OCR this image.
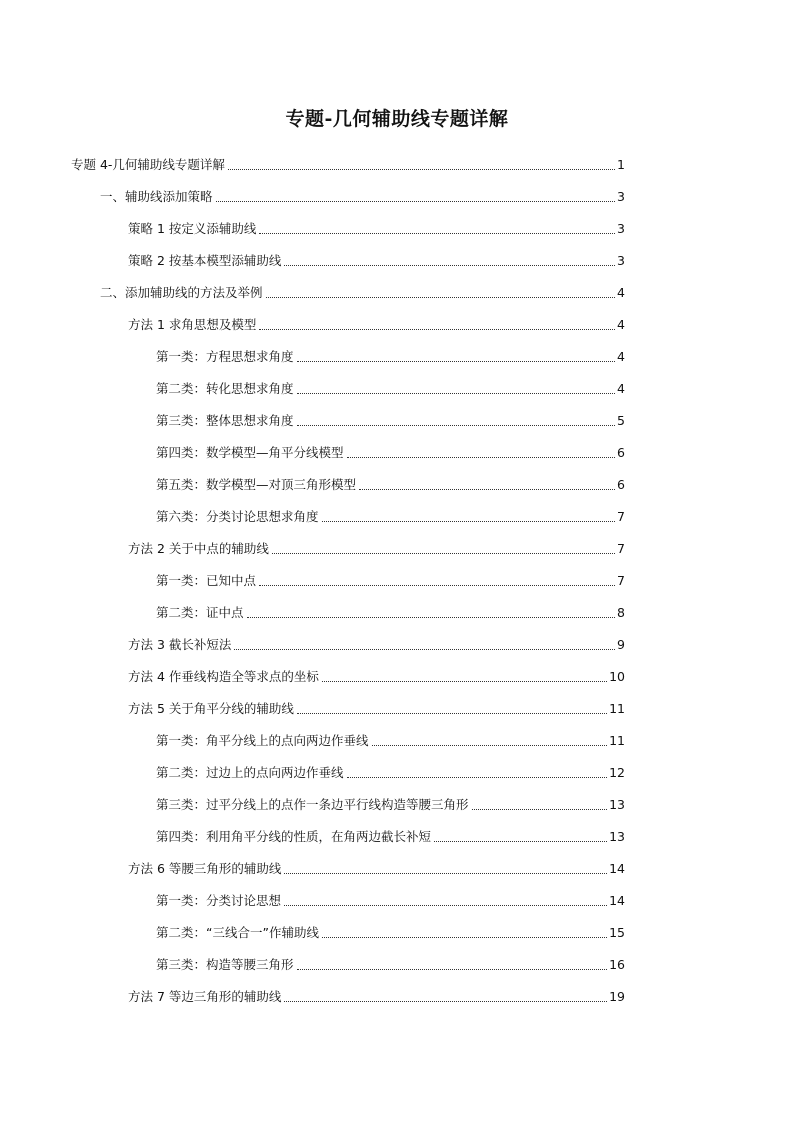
专题-几何辅助线专题详解
专题 4-几何辅助线专题详解	1
一、辅助线添加策略	3
策略 1 按定义添辅助线	3
策略 2 按基本模型添辅助线	3
二、添加辅助线的方法及举例	4
方法 1 求角思想及模型	4
第一类：方程思想求角度	4
第二类：转化思想求角度	4
第三类：整体思想求角度	5
第四类：数学模型—角平分线模型	6
第五类：数学模型—对顶三角形模型	6
第六类：分类讨论思想求角度	7
方法 2 关于中点的辅助线	7
第一类：已知中点	7
第二类：证中点	8
方法 3 截长补短法	9
方法 4 作垂线构造全等求点的坐标	10
方法 5 关于角平分线的辅助线	11
第一类：角平分线上的点向两边作垂线	11
第二类：过边上的点向两边作垂线	12
第三类：过平分线上的点作一条边平行线构造等腰三角形	13
第四类：利用角平分线的性质，在角两边截长补短	13
方法 6 等腰三角形的辅助线	14
第一类：分类讨论思想	14
第二类：“三线合一”作辅助线	15
第三类：构造等腰三角形	16
方法 7 等边三角形的辅助线	19
